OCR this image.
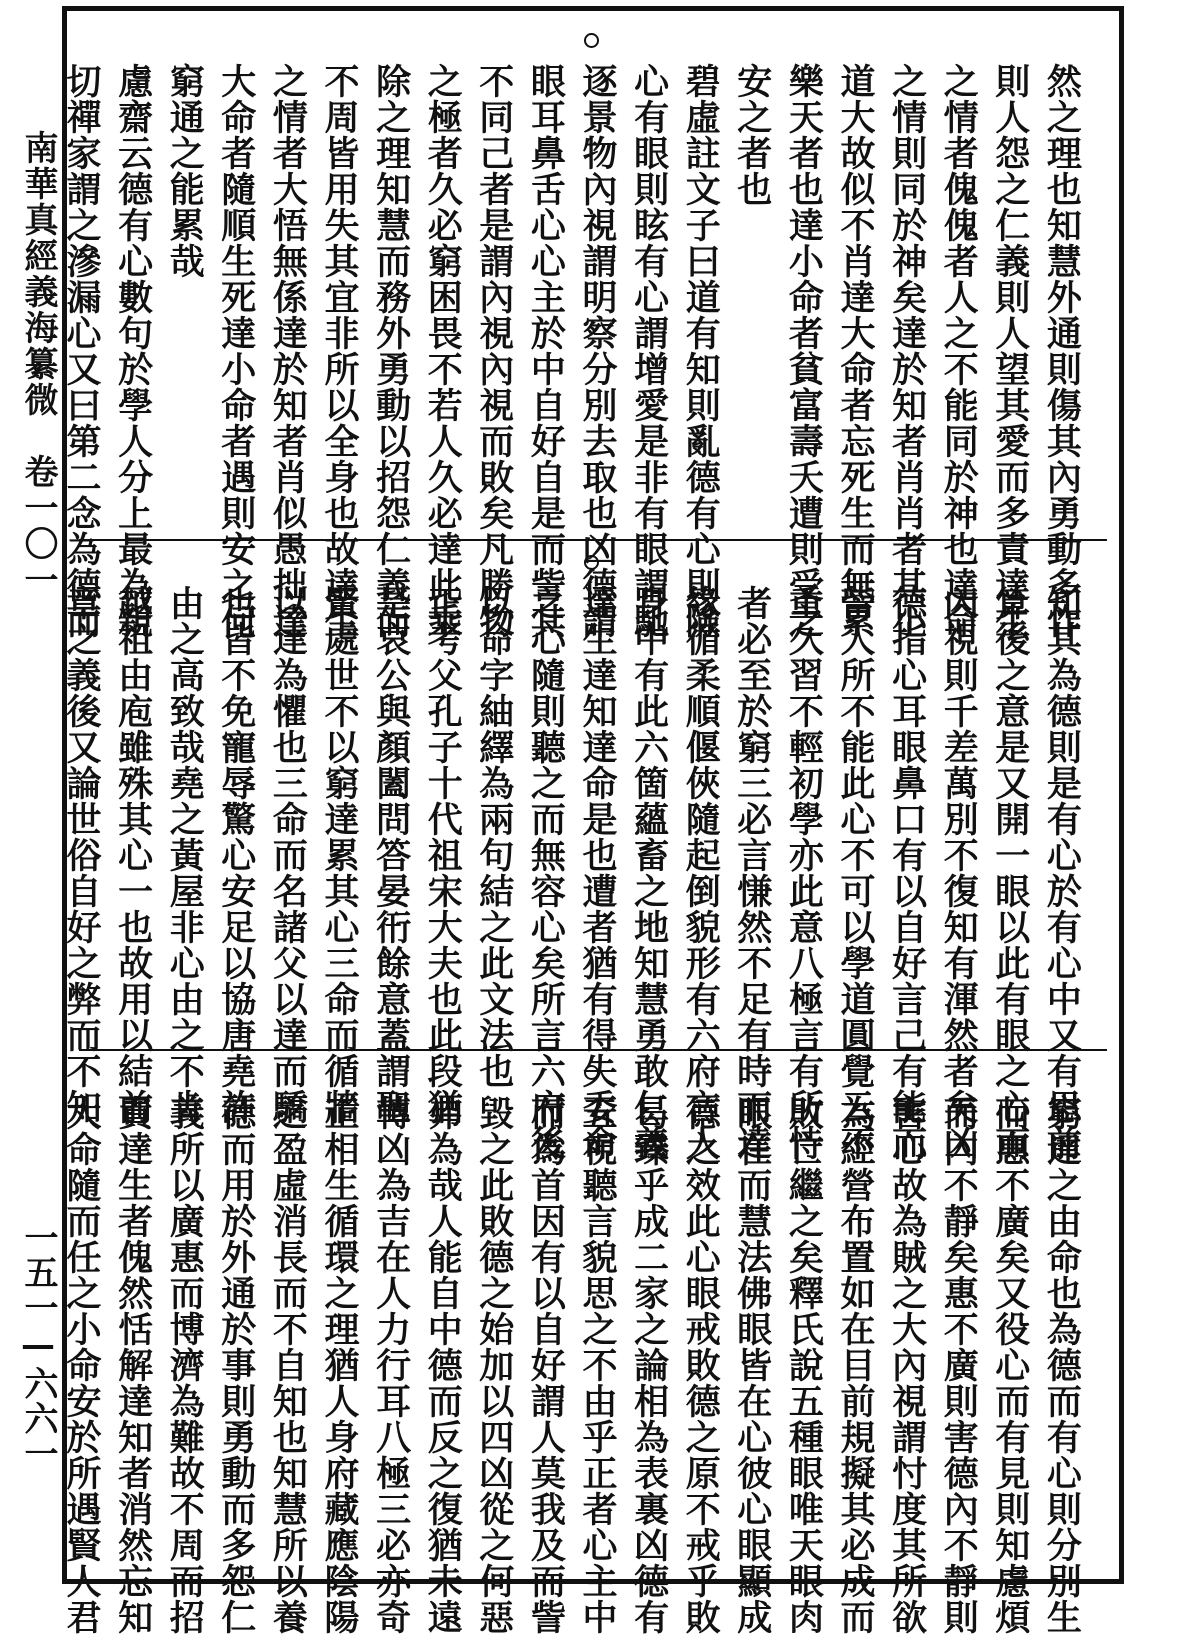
南華真經義海纂微　卷一〇一
一五一—六六一
然之理也知慧外通則傷其內勇動多怍
則人怨之仁義則人望其愛而多責達生
之情者傀傀者人之不能同於神也達命
之情則同於神矣達於知者肖肖者其小
道大故似不肖達大命者忘死生而無累
樂天者也達小命者貧富壽夭遭則受之
安之者也
碧虛註文子曰道有知則亂德有心則險
心有眼則眩有心謂增愛是非有眼謂馳
逐景物內視謂明察分別去取也凶德謂
眼耳鼻舌心心主於中自好自是而訾其
不同己者是謂內視內視而敗矣凡勝物
之極者久必窮困畏不若人久必達此乘
除之理知慧而務外勇動以招怨仁義而
不周皆用失其宜非所以全身也故達生
之情者大悟無係達於知者肖似愚拙達
大命者隨順生死達小命者遇則安之何
窮通之能累哉
慮齋云德有心數句於學人分上最為親
切禪家謂之滲漏心又曰第二念為德而
知其為德則是有心於有心中又有思前
算後之意是又開一眼以此有眼之心而
內視則千差萬別不復知有渾然者矣凶
德指心耳眼鼻口有以自好言己有能而
訾人所不能此心不可以學道圓覺云不
重久習不輕初學亦此意八極言有所恃
者必至於窮三必言慊然不足有時而達
緣循柔順偃俠隨起倒貌形有六府言人
身中有此六箇蘊畜之地知慧勇敢仁義
達生達知達命是也遭者猶有得失委命
之心隨則聽之而無容心矣所言六府後
以命字紬繹為兩句結之此文法也
正考父孔子十代祖宋大夫也此段猶
是哀公與顏闔問答晏衎餘意蓋謂聖
賢處世不以窮達累其心三命而循牆
以達為懼也三命而名諸父以達而驕
也皆不免寵辱驚心安足以協唐堯許
由之高致哉堯之黃屋非心由之不肯
越祖由庖雖殊其心一也故用以結前
章之義後又論世俗自好之弊而不知
窮達之由命也為德而有心則分別生
而惠不廣矣又役心而有見則知慮煩
而內不靜矣惠不廣則害德內不靜則
害心故為賊之大內視謂忖度其所欲
為經營布置如在目前規擬其必成而
敗亡繼之矣釋氏說五種眼唯天眼肉
眼在而慧法佛眼皆在心彼心眼顯成
德之效此心眼戒敗德之原不戒乎敗
曷臻乎成二家之論相為表裏凶德有
五視聽言貌思之不由乎正者心主中
而為首因有以自好謂人莫我及而訾
毀之此敗德之始加以四凶從之何惡
弗為哉人能自中德而反之復猶未遠
轉凶為吉在人力行耳八極三必亦奇
正相生循環之理猶人身府藏應陰陽
之盈虛消長而不自知也知慧所以養
德而用於外通於事則勇動而多怨仁
義所以廣惠而博濟為難故不周而招
責達生者傀然恬解達知者消然忘知
大命隨而任之小命安於所遇賢人君
